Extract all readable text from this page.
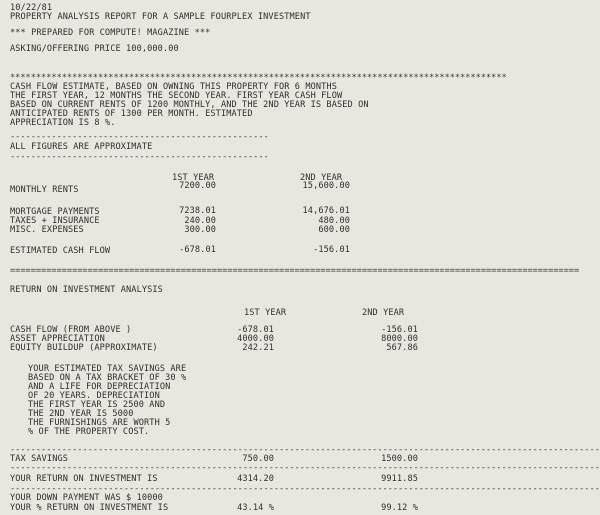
10/22/81
PROPERTY ANALYSIS REPORT FOR A SAMPLE FOURPLEX INVESTMENT
*** PREPARED FOR COMPUTE! MAGAZINE ***
ASKING/OFFERING PRICE 100,000.00
************************************************************************************************
CASH FLOW ESTIMATE, BASED ON OWNING THIS PROPERTY FOR 6 MONTHS
THE FIRST YEAR, 12 MONTHS THE SECOND YEAR. FIRST YEAR CASH FLOW
BASED ON CURRENT RENTS OF 1200 MONTHLY, AND THE 2ND YEAR IS BASED ON
ANTICIPATED RENTS OF 1300 PER MONTH. ESTIMATED
APPRECIATION IS 8 %.
--------------------------------------------------
ALL FIGURES ARE APPROXIMATE
--------------------------------------------------
1ST YEAR	2ND YEAR
MONTHLY RENTS	7200.00	15,600.00
MORTGAGE PAYMENTS	7238.01	14,676.01
TAXES + INSURANCE	240.00	480.00
MISC. EXPENSES	300.00	600.00
ESTIMATED CASH FLOW	-678.01	-156.01
==============================================================================================================
RETURN ON INVESTMENT ANALYSIS
1ST YEAR	2ND YEAR
CASH FLOW (FROM ABOVE )	-678.01	-156.01
ASSET APPRECIATION	4000.00	8000.00
EQUITY BUILDUP (APPROXIMATE)	242.21	567.86
YOUR ESTIMATED TAX SAVINGS ARE
BASED ON A TAX BRACKET OF 30 %
AND A LIFE FOR DEPRECIATION
OF 20 YEARS. DEPRECIATION
THE FIRST YEAR IS 2500 AND
THE 2ND YEAR IS 5000
THE FURNISHINGS ARE WORTH 5
% OF THE PROPERTY COST.
------------------------------------------------------------------------------------------------------------------
TAX SAVINGS	750.00	1500.00
------------------------------------------------------------------------------------------------------------------
YOUR RETURN ON INVESTMENT IS	4314.20	9911.85
------------------------------------------------------------------------------------------------------------------
YOUR DOWN PAYMENT WAS $ 10000
YOUR % RETURN ON INVESTMENT IS	43.14 %	99.12 %
